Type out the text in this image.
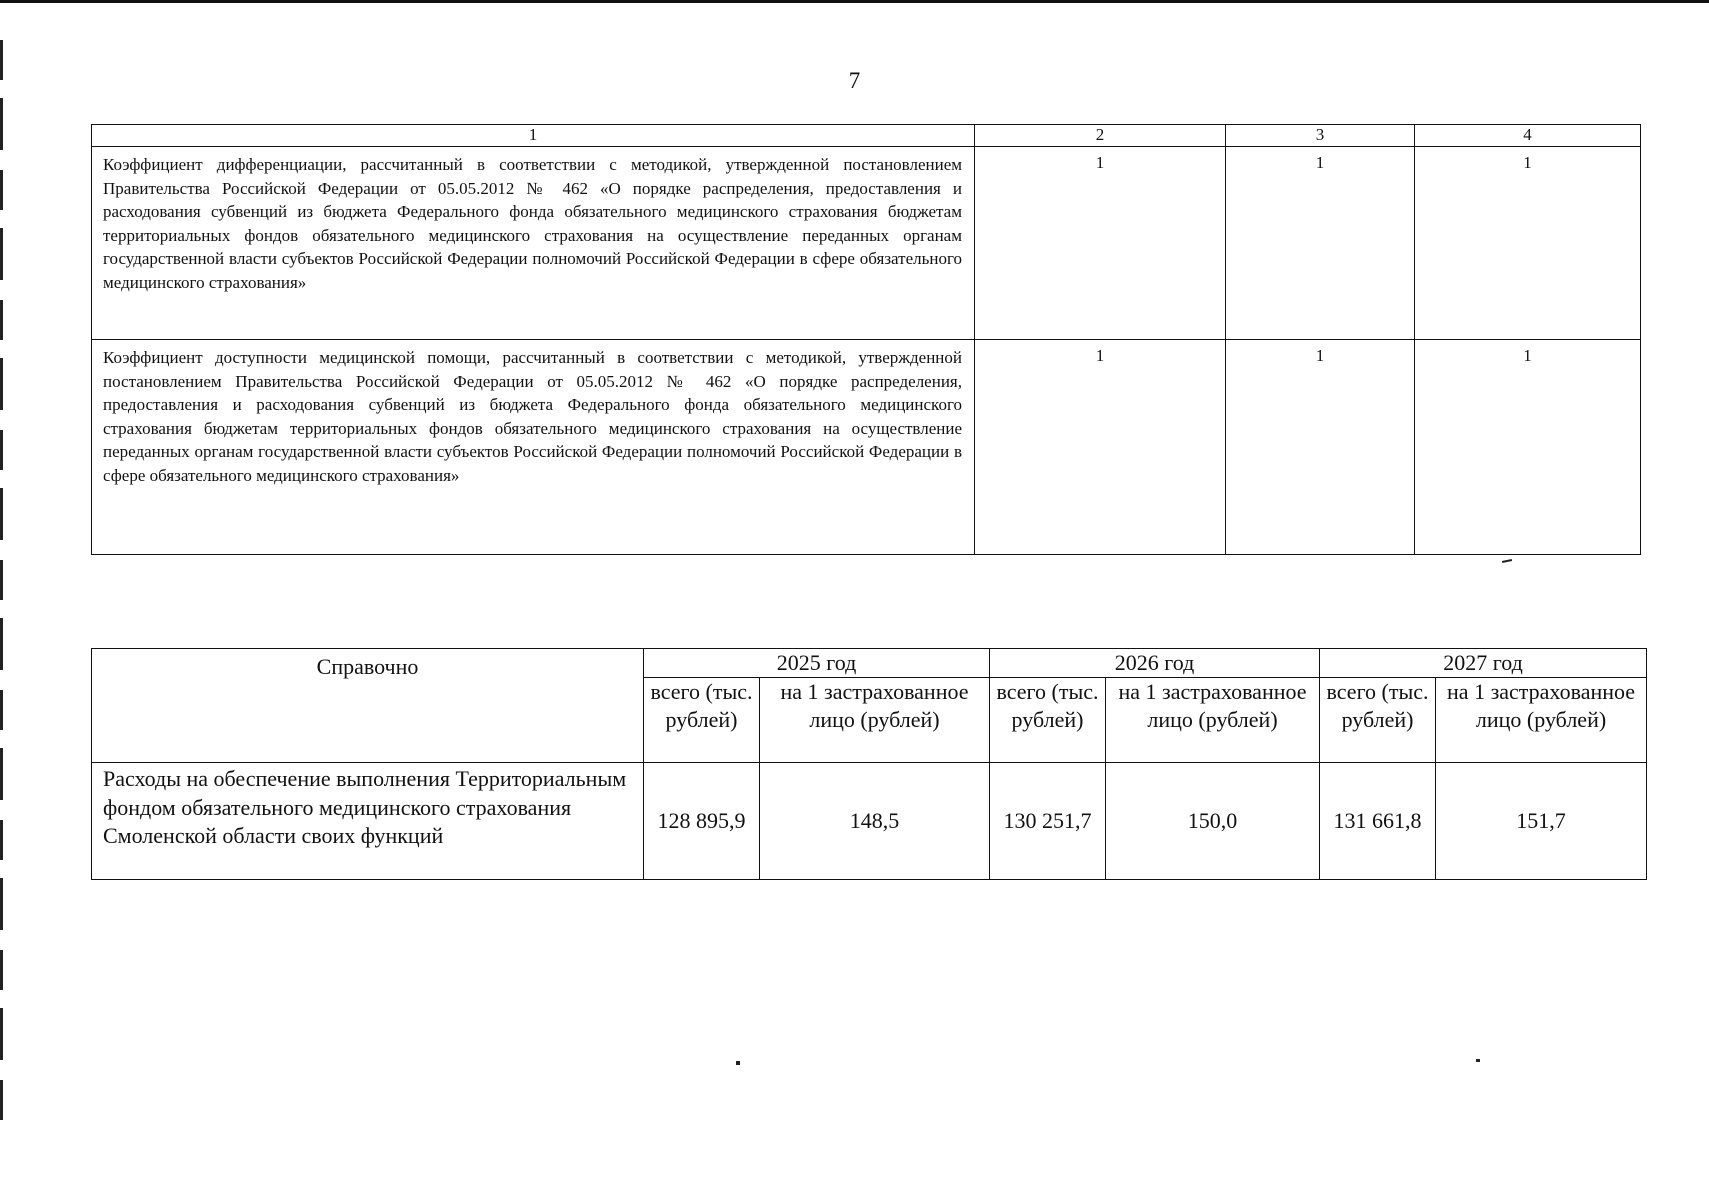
7
1	2	3	4
Коэффициент дифференциации, рассчитанный в соответствии с методикой, утвержденной постановлением Правительства Российской Федерации от 05.05.2012 № 462 «О порядке распределения, предоставления и расходования субвенций из бюджета Федерального фонда обязательного медицинского страхования бюджетам территориальных фондов обязательного медицинского страхования на осуществление переданных органам государственной власти субъектов Российской Федерации полномочий Российской Федерации в сфере обязательного медицинского страхования»	1	1	1
Коэффициент доступности медицинской помощи, рассчитанный в соответствии с методикой, утвержденной постановлением Правительства Российской Федерации от 05.05.2012 № 462 «О порядке распределения, предоставления и расходования субвенций из бюджета Федерального фонда обязательного медицинского страхования бюджетам территориальных фондов обязательного медицинского страхования на осуществление переданных органам государственной власти субъектов Российской Федерации полномочий Российской Федерации в сфере обязательного медицинского страхования»	1	1	1
Справочно	2025 год		2026 год		2027 год	
	всего (тыс. рублей)	на 1 застрахованное лицо (рублей)	всего (тыс. рублей)	на 1 застрахованное лицо (рублей)	всего (тыс. рублей)	на 1 застрахованное лицо (рублей)
Расходы на обеспечение выполнения Территориальным фондом обязательного медицинского страхования Смоленской области своих функций	128 895,9	148,5	130 251,7	150,0	131 661,8	151,7
